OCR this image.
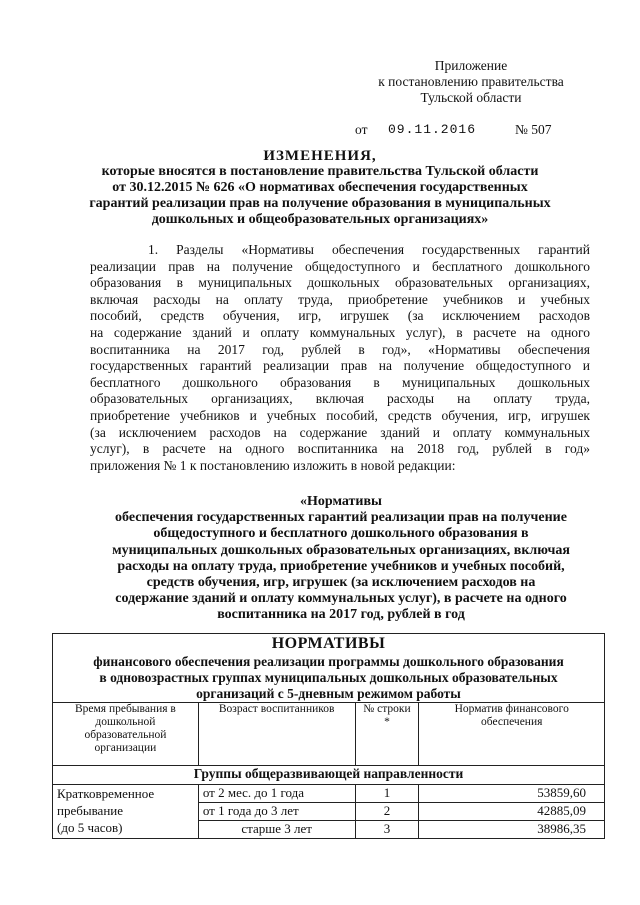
Приложение
к постановлению правительства
Тульской области
от 09.11.2016	№ 507
ИЗМЕНЕНИЯ,
которые вносятся в постановление правительства Тульской области
от 30.12.2015 № 626 «О нормативах обеспечения государственных
гарантий реализации прав на получение образования в муниципальных
дошкольных и общеобразовательных организациях»
1. Разделы «Нормативы обеспечения государственных гарантий
реализации прав на получение общедоступного и бесплатного дошкольного
образования в муниципальных дошкольных образовательных организациях,
включая расходы на оплату труда, приобретение учебников и учебных
пособий, средств обучения, игр, игрушек (за исключением расходов
на содержание зданий и оплату коммунальных услуг), в расчете на одного
воспитанника на 2017 год, рублей в год», «Нормативы обеспечения
государственных гарантий реализации прав на получение общедоступного и
бесплатного дошкольного образования в муниципальных дошкольных
образовательных организациях, включая расходы на оплату труда,
приобретение учебников и учебных пособий, средств обучения, игр, игрушек
(за исключением расходов на содержание зданий и оплату коммунальных
услуг), в расчете на одного воспитанника на 2018 год, рублей в год»
приложения № 1 к постановлению изложить в новой редакции:
«Нормативы
обеспечения государственных гарантий реализации прав на получение
общедоступного и бесплатного дошкольного образования в
муниципальных дошкольных образовательных организациях, включая
расходы на оплату труда, приобретение учебников и учебных пособий,
средств обучения, игр, игрушек (за исключением расходов на
содержание зданий и оплату коммунальных услуг), в расчете на одного
воспитанника на 2017 год, рублей в год
НОРМАТИВЫ
финансового обеспечения реализации программы дошкольного образования
в одновозрастных группах муниципальных дошкольных образовательных
организаций с 5-дневным режимом работы			

Время пребывания в дошкольной образовательной организации	Возраст воспитанников	№ строки *	Норматив финансового обеспечения
Группы общеразвивающей направленности			

Кратковременное
пребывание
(до 5 часов)	от 2 мес. до 1 года	1	53859,60
	от 1 года до 3 лет	2	42885,09
	старше 3 лет	3	38986,35
